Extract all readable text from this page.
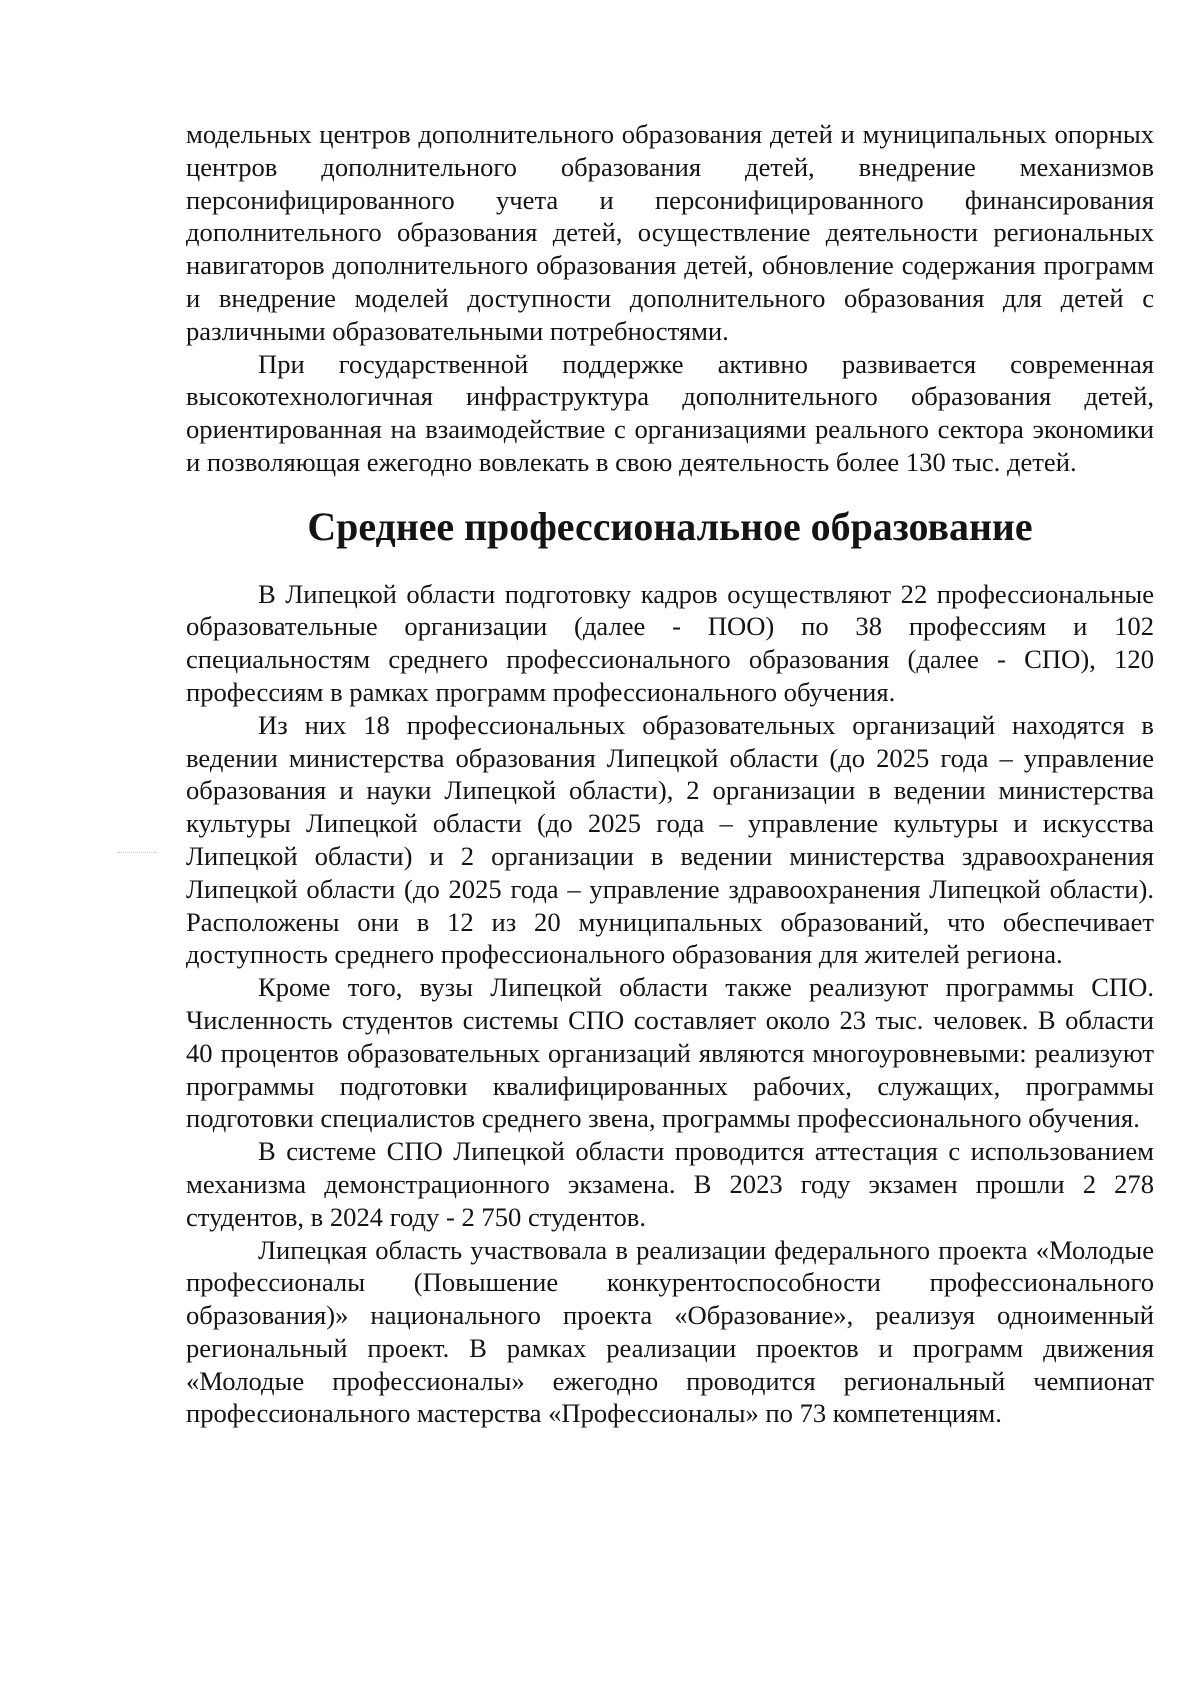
модельных центров дополнительного образования детей и муниципальных опорных центров дополнительного образования детей, внедрение механизмов персонифицированного учета и персонифицированного финансирования дополнительного образования детей, осуществление деятельности региональных навигаторов дополнительного образования детей, обновление содержания программ и внедрение моделей доступности дополнительного образования для детей с различными образовательными потребностями.

При государственной поддержке активно развивается современная высокотехнологичная инфраструктура дополнительного образования детей, ориентированная на взаимодействие с организациями реального сектора экономики и позволяющая ежегодно вовлекать в свою деятельность более 130 тыс. детей.

Среднее профессиональное образование

В Липецкой области подготовку кадров осуществляют 22 профессиональные образовательные организации (далее - ПОО) по 38 профессиям и 102 специальностям среднего профессионального образования (далее - СПО), 120 профессиям в рамках программ профессионального обучения.

Из них 18 профессиональных образовательных организаций находятся в ведении министерства образования Липецкой области (до 2025 года – управление образования и науки Липецкой области), 2 организации в ведении министерства культуры Липецкой области (до 2025 года – управление культуры и искусства Липецкой области) и 2 организации в ведении министерства здравоохранения Липецкой области (до 2025 года – управление здравоохранения Липецкой области). Расположены они в 12 из 20 муниципальных образований, что обеспечивает доступность среднего профессионального образования для жителей региона.

Кроме того, вузы Липецкой области также реализуют программы СПО. Численность студентов системы СПО составляет около 23 тыс. человек. В области 40 процентов образовательных организаций являются многоуровневыми: реализуют программы подготовки квалифицированных рабочих, служащих, программы подготовки специалистов среднего звена, программы профессионального обучения.

В системе СПО Липецкой области проводится аттестация с использованием механизма демонстрационного экзамена. В 2023 году экзамен прошли 2 278 студентов, в 2024 году - 2 750 студентов.

Липецкая область участвовала в реализации федерального проекта «Молодые профессионалы (Повышение конкурентоспособности профессионального образования)» национального проекта «Образование», реализуя одноименный региональный проект. В рамках реализации проектов и программ движения «Молодые профессионалы» ежегодно проводится региональный чемпионат профессионального мастерства «Профессионалы» по 73 компетенциям.
